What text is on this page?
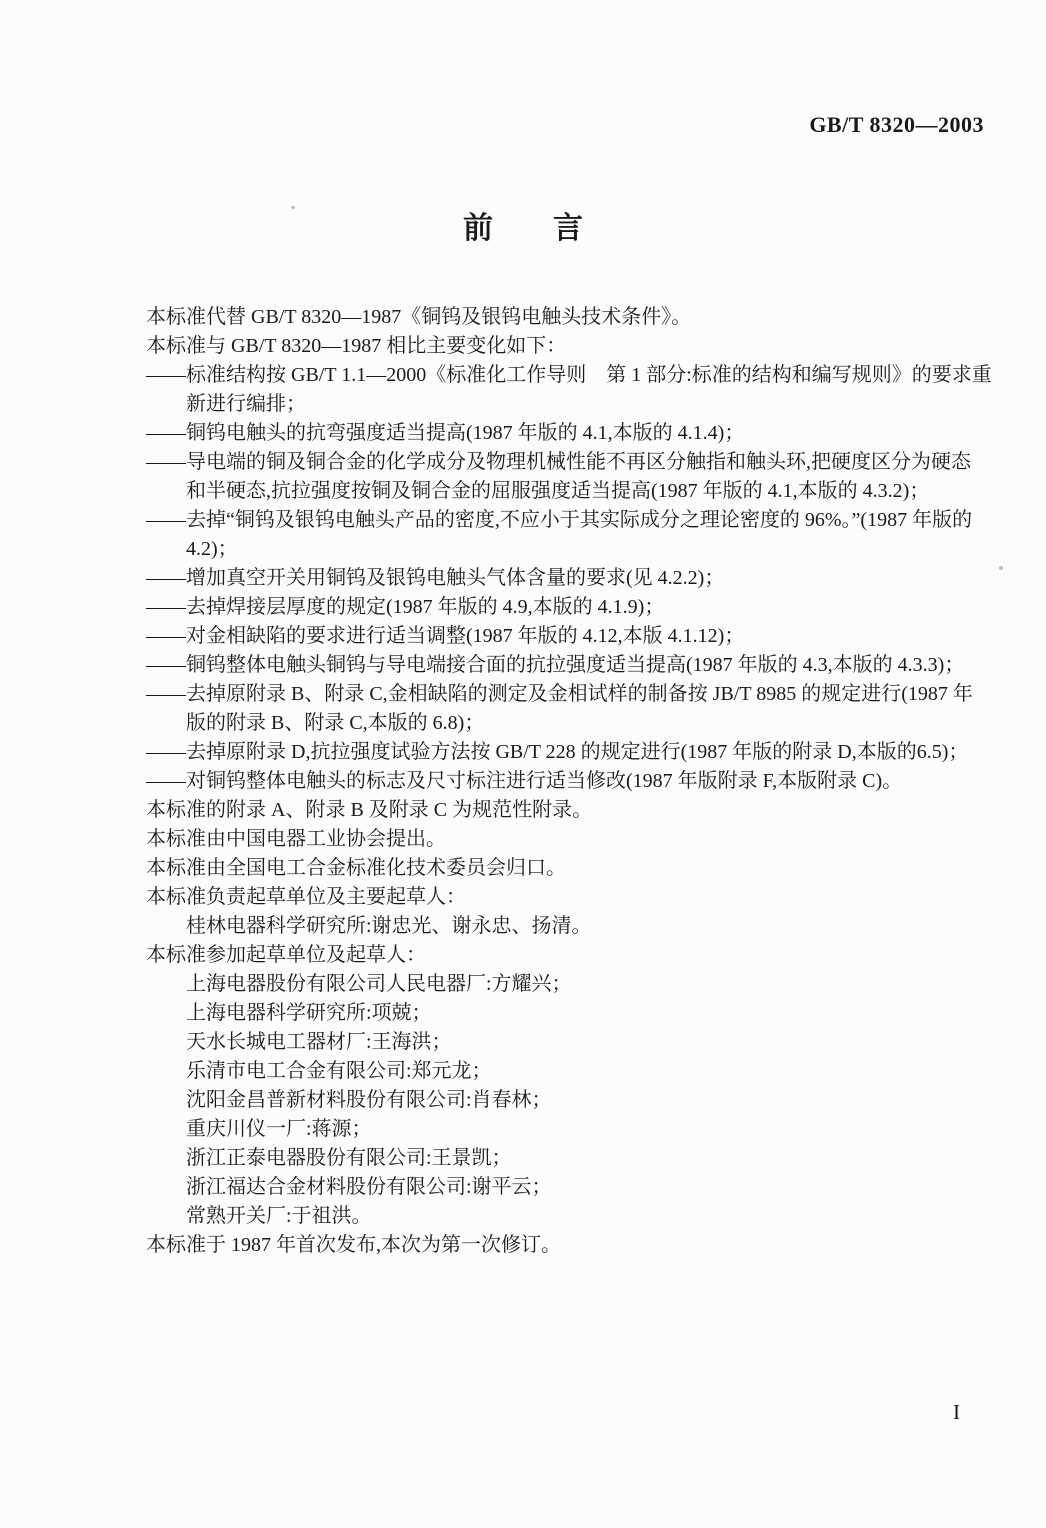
GB/T 8320—2003
前　　言
本标准代替 GB/T 8320—1987《铜钨及银钨电触头技术条件》。
本标准与 GB/T 8320—1987 相比主要变化如下：
——标准结构按 GB/T 1.1—2000《标准化工作导则　第 1 部分:标准的结构和编写规则》的要求重
新进行编排；
——铜钨电触头的抗弯强度适当提高(1987 年版的 4.1,本版的 4.1.4)；
——导电端的铜及铜合金的化学成分及物理机械性能不再区分触指和触头环,把硬度区分为硬态
和半硬态,抗拉强度按铜及铜合金的屈服强度适当提高(1987 年版的 4.1,本版的 4.3.2)；
——去掉“铜钨及银钨电触头产品的密度,不应小于其实际成分之理论密度的 96%。”(1987 年版的
4.2)；
——增加真空开关用铜钨及银钨电触头气体含量的要求(见 4.2.2)；
——去掉焊接层厚度的规定(1987 年版的 4.9,本版的 4.1.9)；
——对金相缺陷的要求进行适当调整(1987 年版的 4.12,本版 4.1.12)；
——铜钨整体电触头铜钨与导电端接合面的抗拉强度适当提高(1987 年版的 4.3,本版的 4.3.3)；
——去掉原附录 B、附录 C,金相缺陷的测定及金相试样的制备按 JB/T 8985 的规定进行(1987 年
版的附录 B、附录 C,本版的 6.8)；
——去掉原附录 D,抗拉强度试验方法按 GB/T 228 的规定进行(1987 年版的附录 D,本版的6.5)；
——对铜钨整体电触头的标志及尺寸标注进行适当修改(1987 年版附录 F,本版附录 C)。
本标准的附录 A、附录 B 及附录 C 为规范性附录。
本标准由中国电器工业协会提出。
本标准由全国电工合金标准化技术委员会归口。
本标准负责起草单位及主要起草人：
桂林电器科学研究所:谢忠光、谢永忠、扬清。
本标准参加起草单位及起草人：
上海电器股份有限公司人民电器厂:方耀兴；
上海电器科学研究所:项兢；
天水长城电工器材厂:王海洪；
乐清市电工合金有限公司:郑元龙；
沈阳金昌普新材料股份有限公司:肖春林；
重庆川仪一厂:蒋源；
浙江正泰电器股份有限公司:王景凯；
浙江福达合金材料股份有限公司:谢平云；
常熟开关厂:于祖洪。
本标准于 1987 年首次发布,本次为第一次修订。
I
